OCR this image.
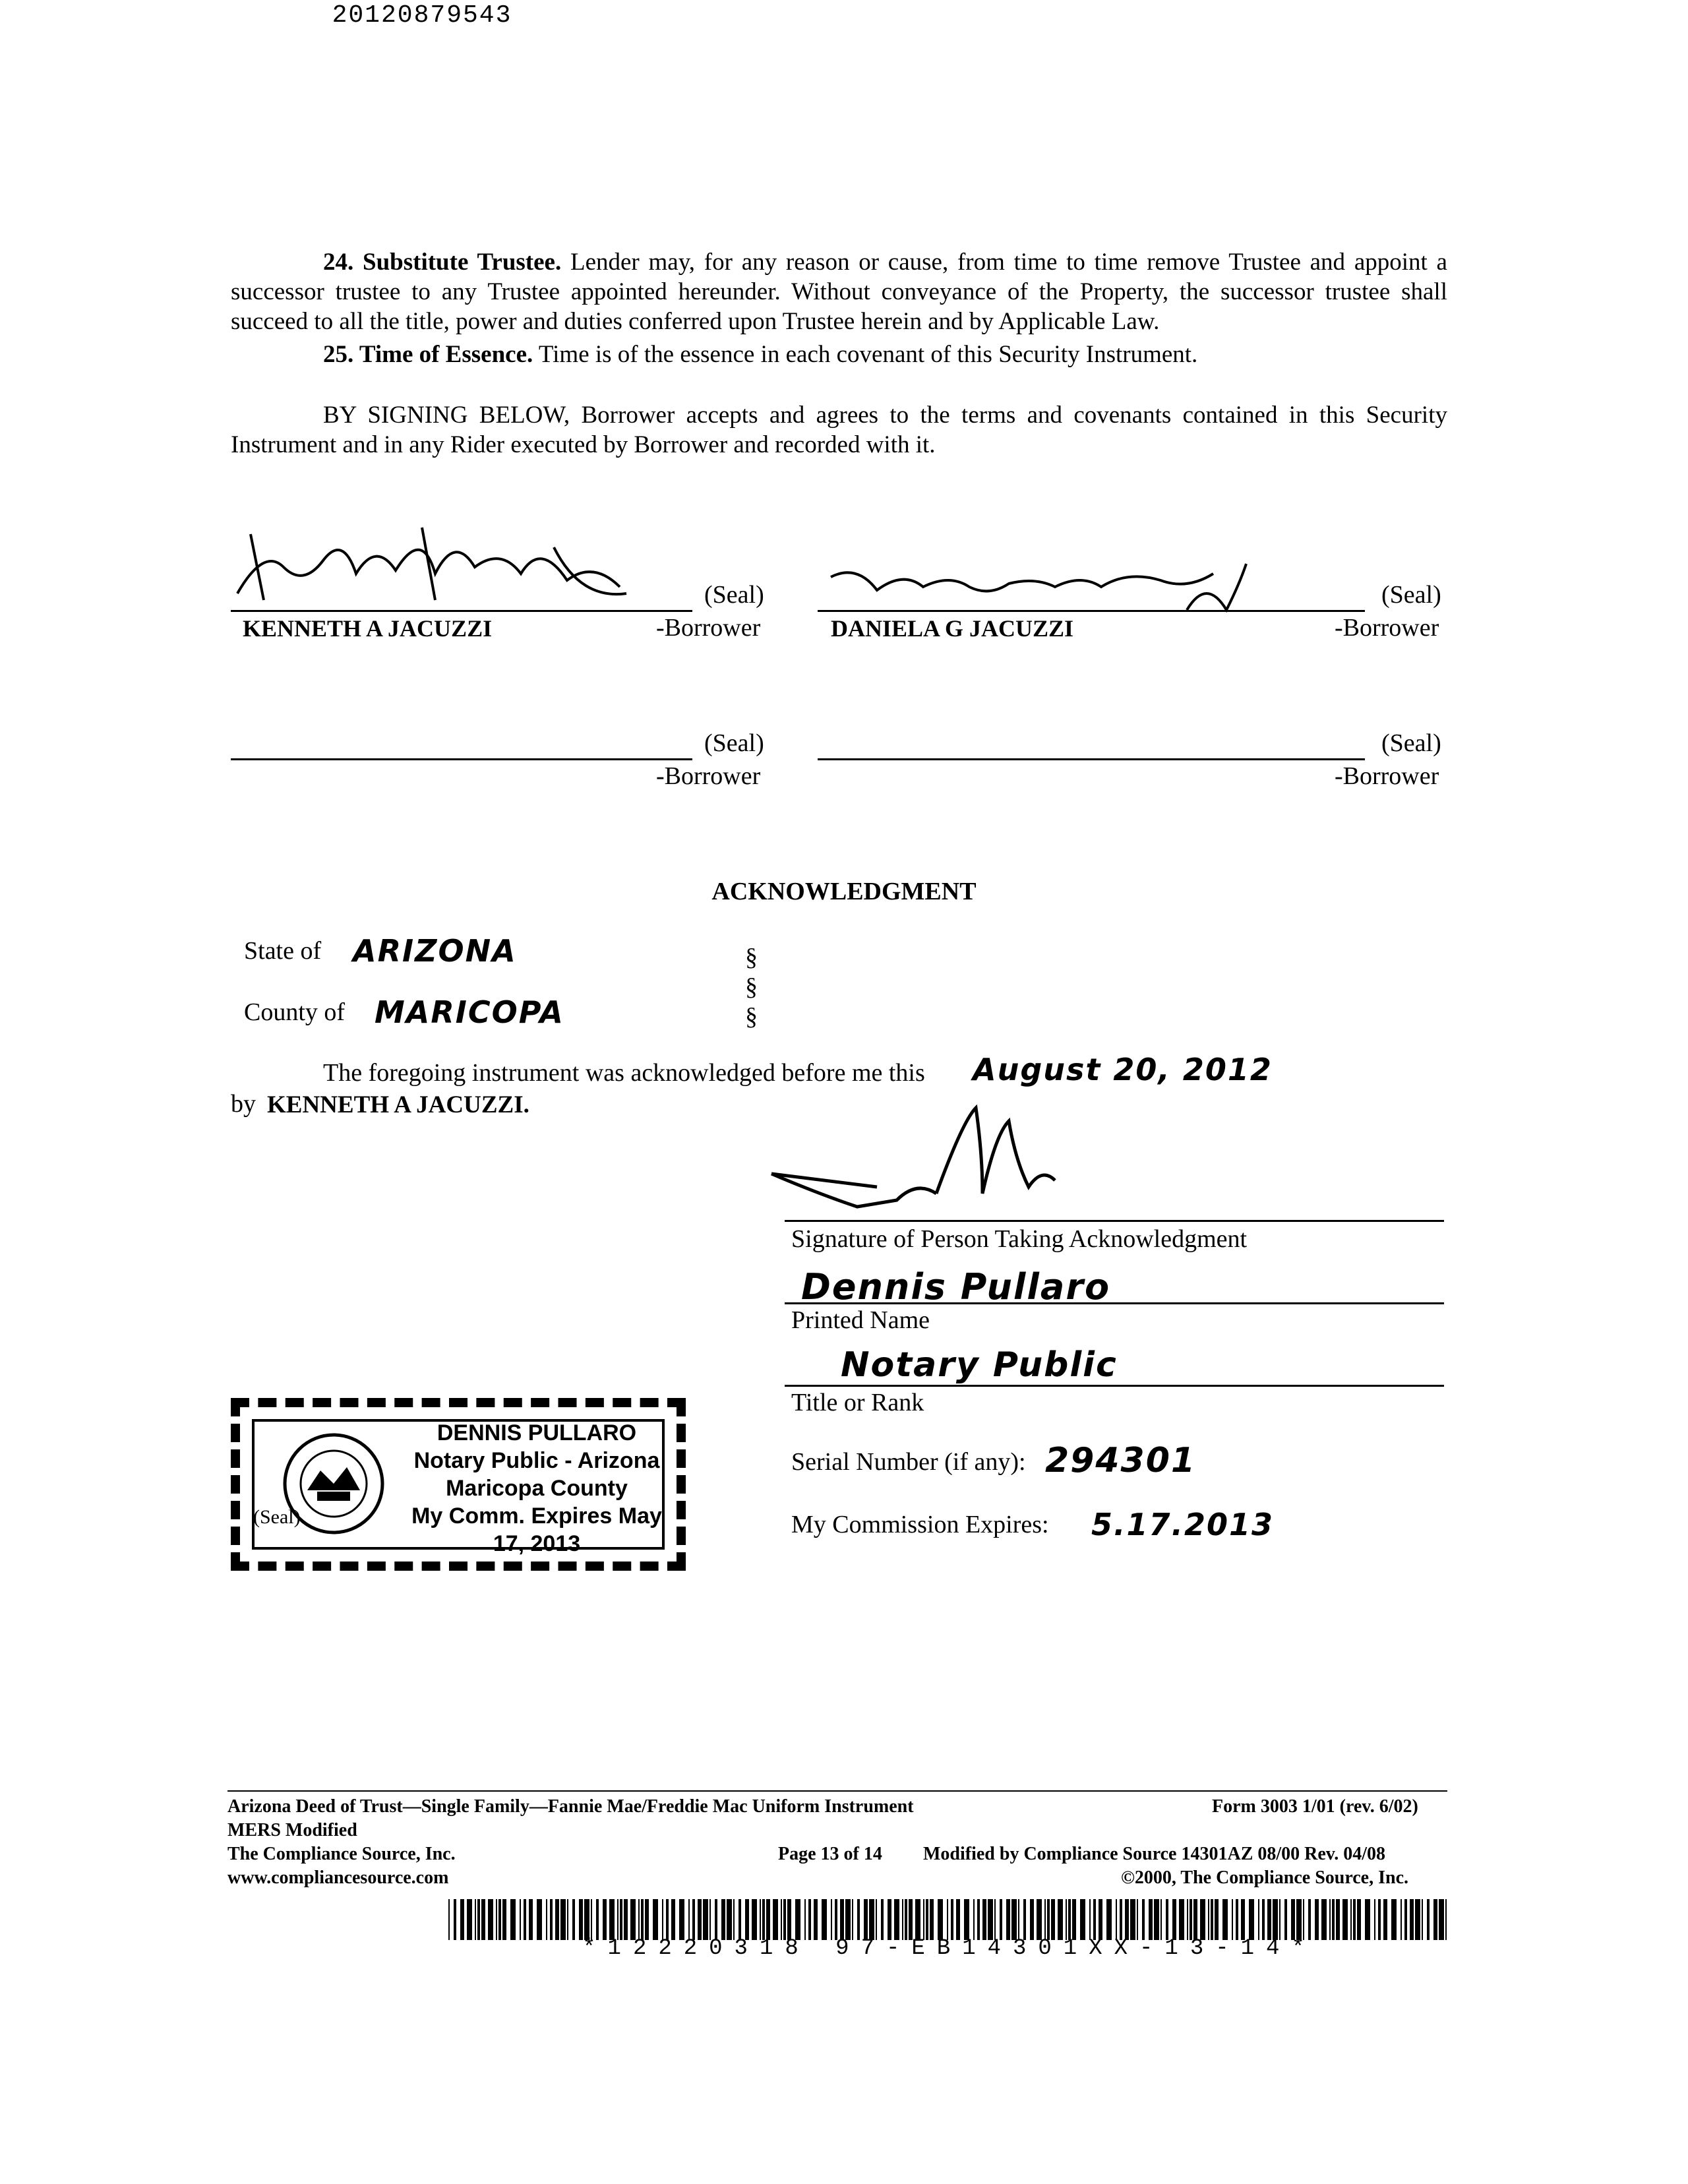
20120879543
24. Substitute Trustee. Lender may, for any reason or cause, from time to time remove Trustee and appoint a successor trustee to any Trustee appointed hereunder. Without conveyance of the Property, the successor trustee shall succeed to all the title, power and duties conferred upon Trustee herein and by Applicable Law.
25. Time of Essence. Time is of the essence in each covenant of this Security Instrument.
BY SIGNING BELOW, Borrower accepts and agrees to the terms and covenants contained in this Security Instrument and in any Rider executed by Borrower and recorded with it.
(Seal)
KENNETH A JACUZZI	-Borrower
(Seal)
DANIELA G JACUZZI	-Borrower
(Seal)
-Borrower
(Seal)
-Borrower
ACKNOWLEDGMENT
State of ARIZONA
County of MARICOPA
§
§
§
The foregoing instrument was acknowledged before me this August 20, 2012
by KENNETH A JACUZZI.
Signature of Person Taking Acknowledgment
Dennis Pullaro
Printed Name
Notary Public
Title or Rank
Serial Number (if any): 294301
My Commission Expires: 5.17.2013
(Seal)
DENNIS PULLARO
Notary Public - Arizona
Maricopa County
My Comm. Expires May 17, 2013
Arizona Deed of Trust—Single Family—Fannie Mae/Freddie Mac Uniform Instrument	Form 3003 1/01 (rev. 6/02)
MERS Modified
The Compliance Source, Inc.	Page 13 of 14 Modified by Compliance Source 14301AZ 08/00 Rev. 04/08
www.compliancesource.com	©2000, The Compliance Source, Inc.
*12220318 97-EB14301XX-13-14*
